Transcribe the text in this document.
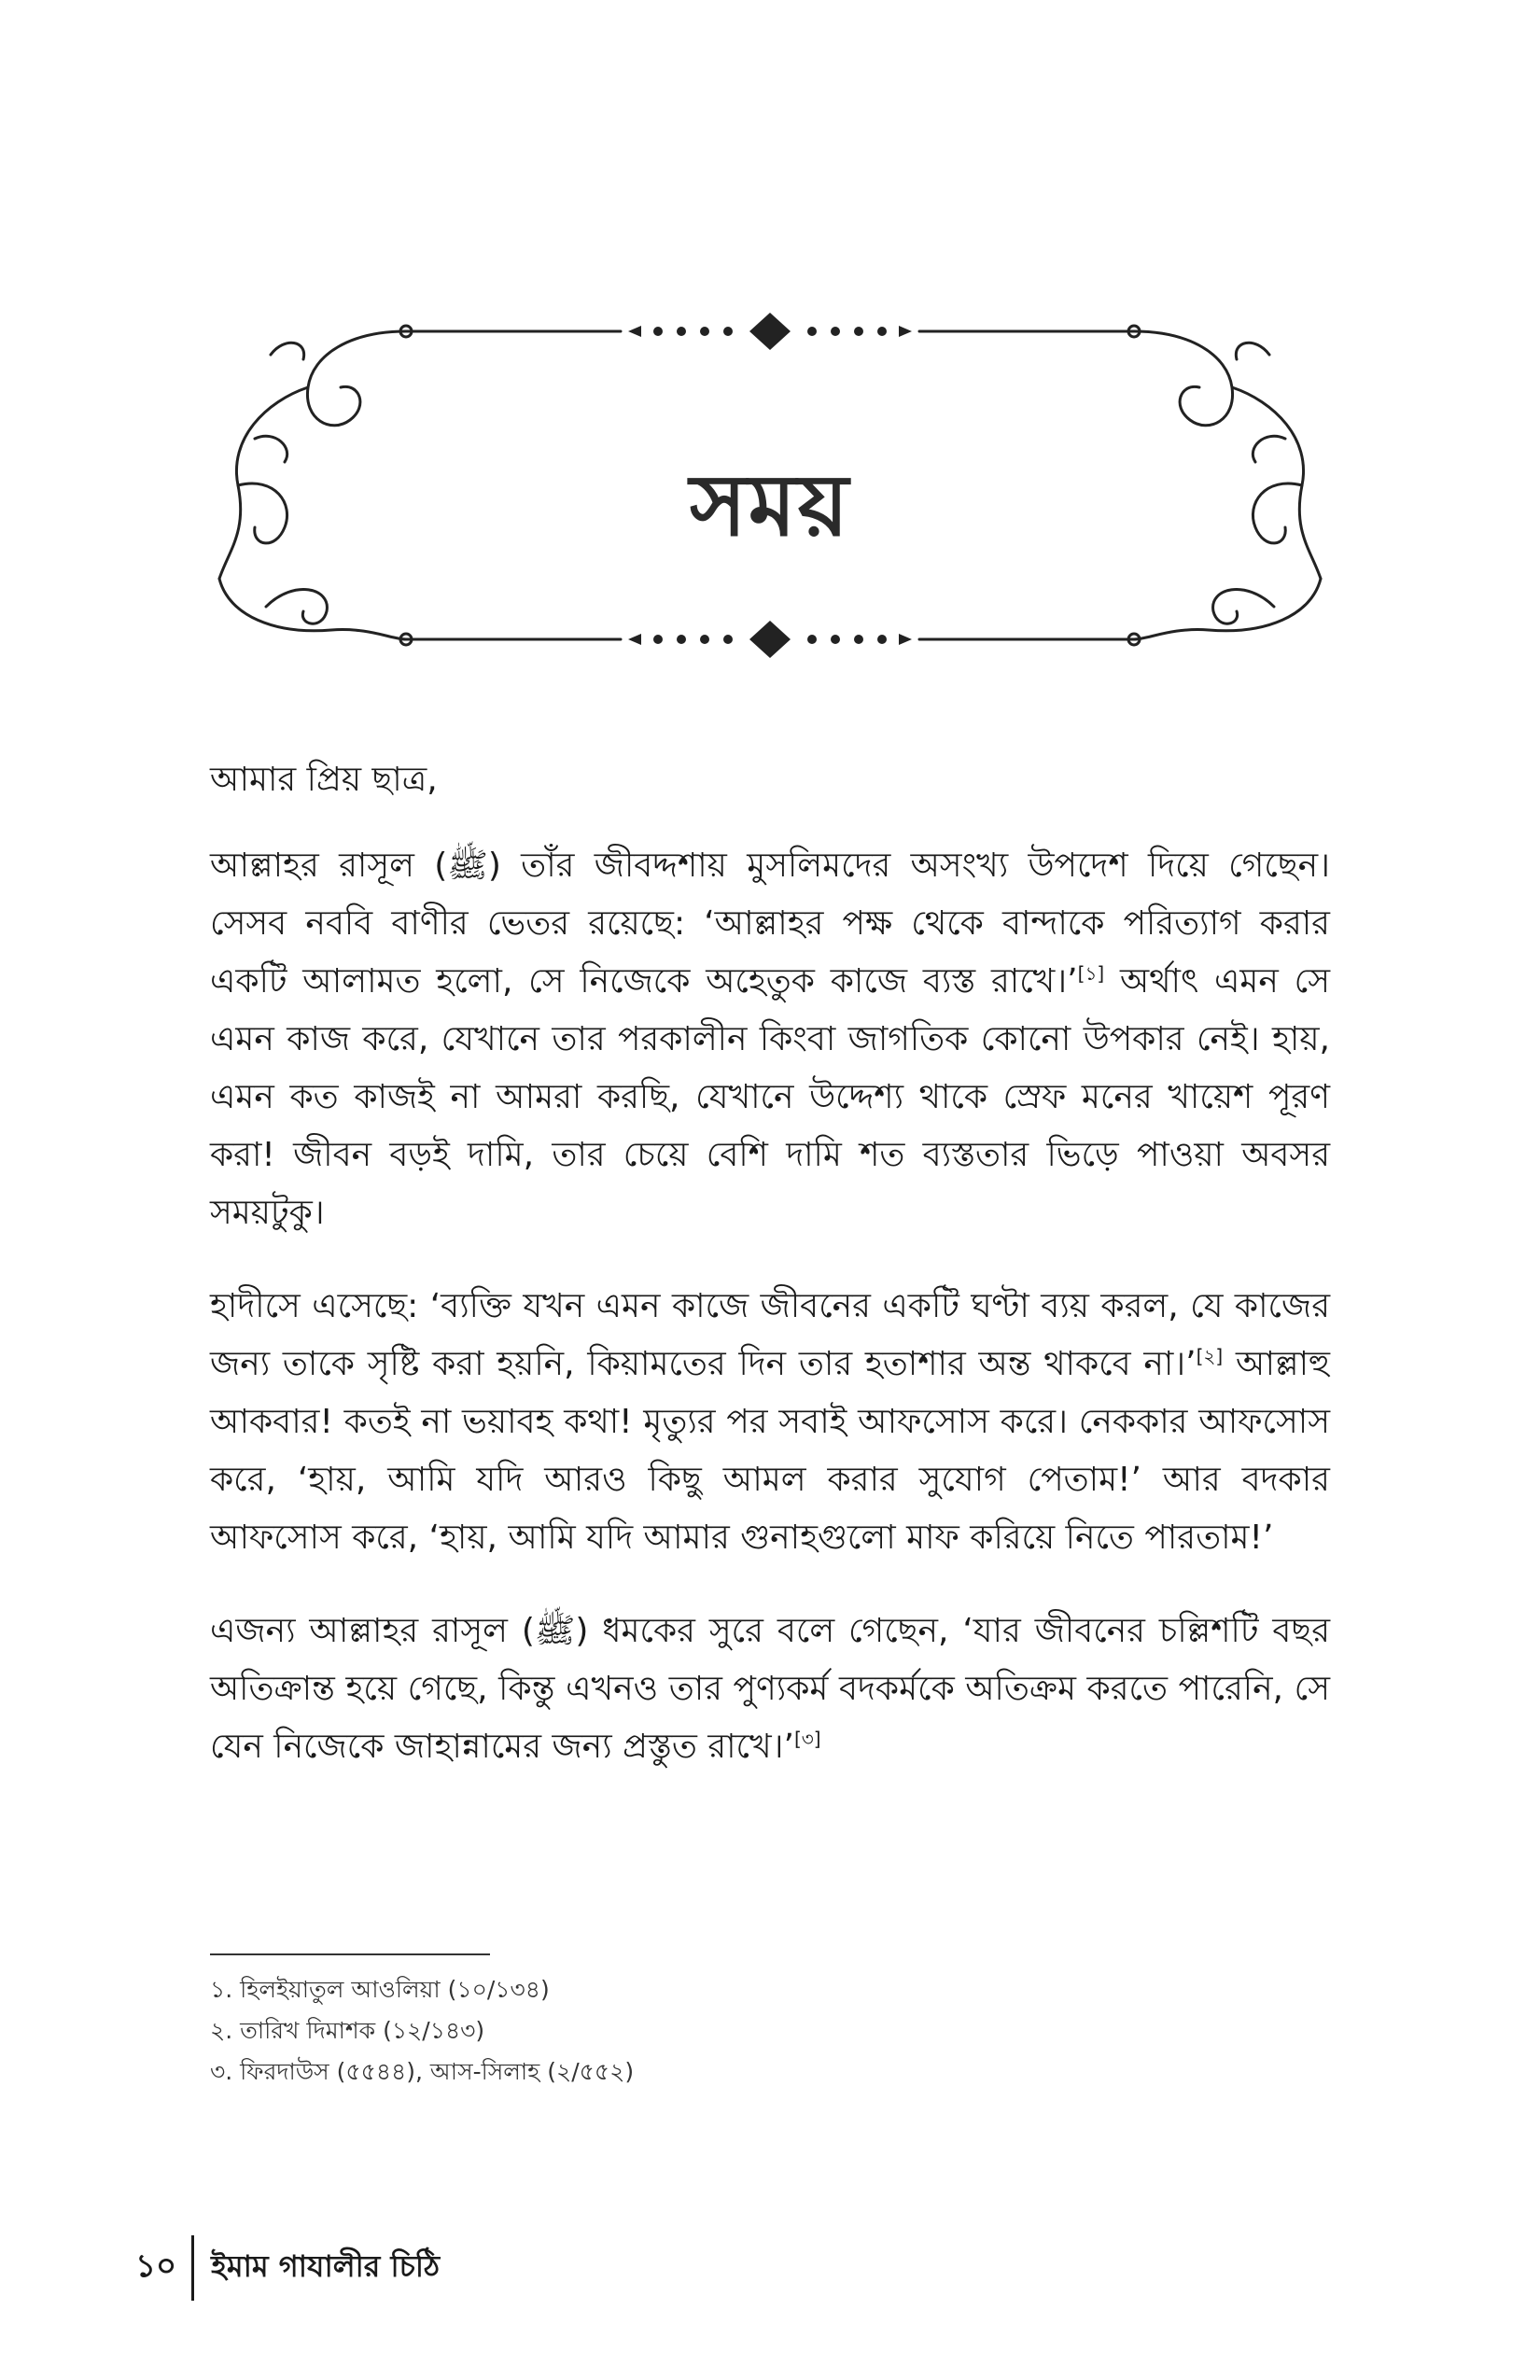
সময়

আমার প্রিয় ছাত্র,

আল্লাহর রাসূল (ﷺ) তাঁর জীবদ্দশায় মুসলিমদের অসংখ্য উপদেশ দিয়ে গেছেন। সেসব নববি বাণীর ভেতর রয়েছে: ‘আল্লাহর পক্ষ থেকে বান্দাকে পরিত্যাগ করার একটি আলামত হলো, সে নিজেকে অহেতুক কাজে ব্যস্ত রাখে।’[১] অর্থাৎ এমন সে এমন কাজ করে, যেখানে তার পরকালীন কিংবা জাগতিক কোনো উপকার নেই। হায়, এমন কত কাজই না আমরা করছি, যেখানে উদ্দেশ্য থাকে স্রেফ মনের খায়েশ পূরণ করা! জীবন বড়ই দামি, তার চেয়ে বেশি দামি শত ব্যস্ততার ভিড়ে পাওয়া অবসর সময়টুকু।

হাদীসে এসেছে: ‘ব্যক্তি যখন এমন কাজে জীবনের একটি ঘণ্টা ব্যয় করল, যে কাজের জন্য তাকে সৃষ্টি করা হয়নি, কিয়ামতের দিন তার হতাশার অন্ত থাকবে না।’[২] আল্লাহু আকবার! কতই না ভয়াবহ কথা! মৃত্যুর পর সবাই আফসোস করে। নেককার আফসোস করে, ‘হায়, আমি যদি আরও কিছু আমল করার সুযোগ পেতাম!’ আর বদকার আফসোস করে, ‘হায়, আমি যদি আমার গুনাহগুলো মাফ করিয়ে নিতে পারতাম!’

এজন্য আল্লাহর রাসূল (ﷺ) ধমকের সুরে বলে গেছেন, ‘যার জীবনের চল্লিশটি বছর অতিক্রান্ত হয়ে গেছে, কিন্তু এখনও তার পুণ্যকর্ম বদকর্মকে অতিক্রম করতে পারেনি, সে যেন নিজেকে জাহান্নামের জন্য প্রস্তুত রাখে।’[৩]

১. হিলইয়াতুল আওলিয়া (১০/১৩৪)
২. তারিখ দিমাশক (১২/১৪৩)
৩. ফিরদাউস (৫৫৪৪), আস-সিলাহ (২/৫৫২)
১০	ইমাম গাযালীর চিঠি
